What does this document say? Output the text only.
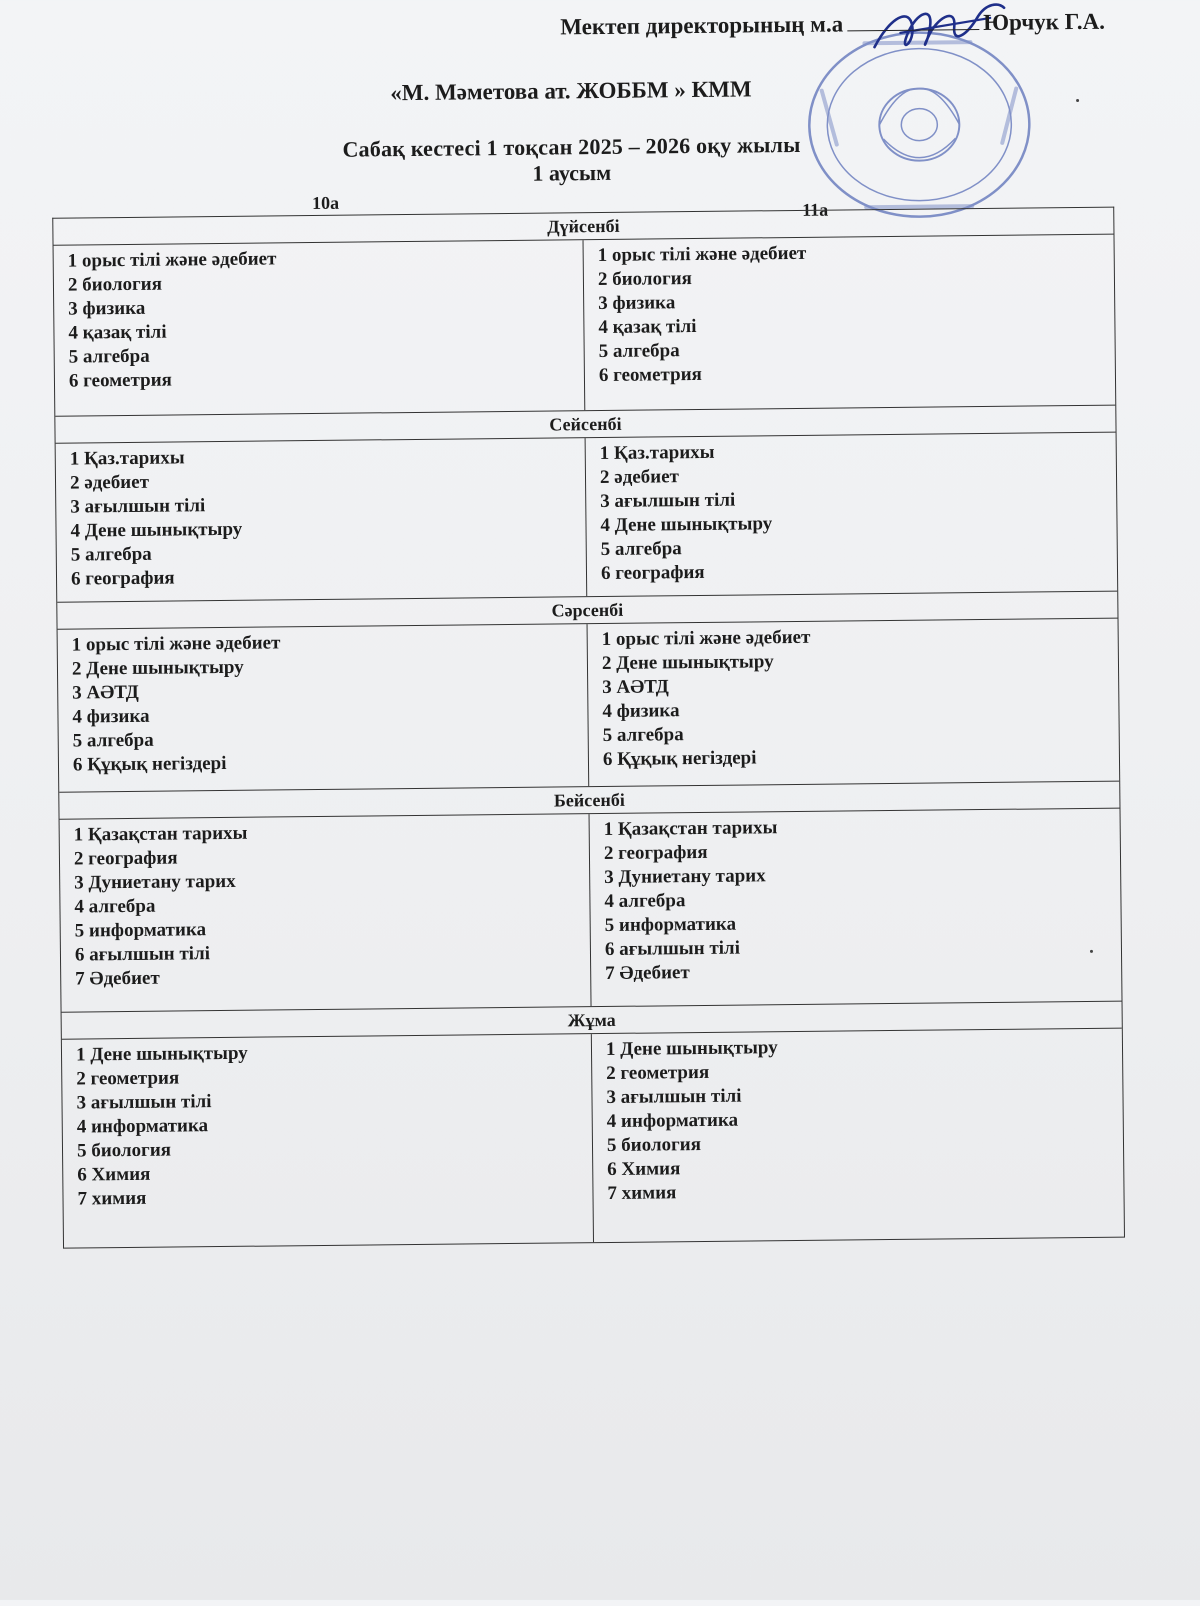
Мектеп директорының м.а	Юрчук Г.А.
«М. Мәметова ат. ЖОББМ » КММ
Сабақ кестесі 1 тоқсан 2025 – 2026 оқу жылы
1 аусым
10а	11а
Дүйсенбі
1 орыс тілі және әдебиет
2 биология
3 физика
4 қазақ тілі
5 алгебра
6 геометрия
1 орыс тілі және әдебиет
2 биология
3 физика
4 қазақ тілі
5 алгебра
6 геометрия
Сейсенбі
1 Қаз.тарихы
2 әдебиет
3 ағылшын тілі
4 Дене шынықтыру
5 алгебра
6 география
1 Қаз.тарихы
2 әдебиет
3 ағылшын тілі
4 Дене шынықтыру
5 алгебра
6 география
Сәрсенбі
1 орыс тілі және әдебиет
2 Дене шынықтыру
3 АӘТД
4 физика
5 алгебра
6 Құқық негіздері
1 орыс тілі және әдебиет
2 Дене шынықтыру
3 АӘТД
4 физика
5 алгебра
6 Құқық негіздері
Бейсенбі
1 Қазақстан тарихы
2 география
3 Дуниетану тарих
4 алгебра
5 информатика
6 ағылшын тілі
7 Әдебиет
1 Қазақстан тарихы
2 география
3 Дуниетану тарих
4 алгебра
5 информатика
6 ағылшын тілі
7 Әдебиет
Жұма
1 Дене шынықтыру
2 геометрия
3 ағылшын тілі
4 информатика
5 биология
6 Химия
7 химия
1 Дене шынықтыру
2 геометрия
3 ағылшын тілі
4 информатика
5 биология
6 Химия
7 химия
